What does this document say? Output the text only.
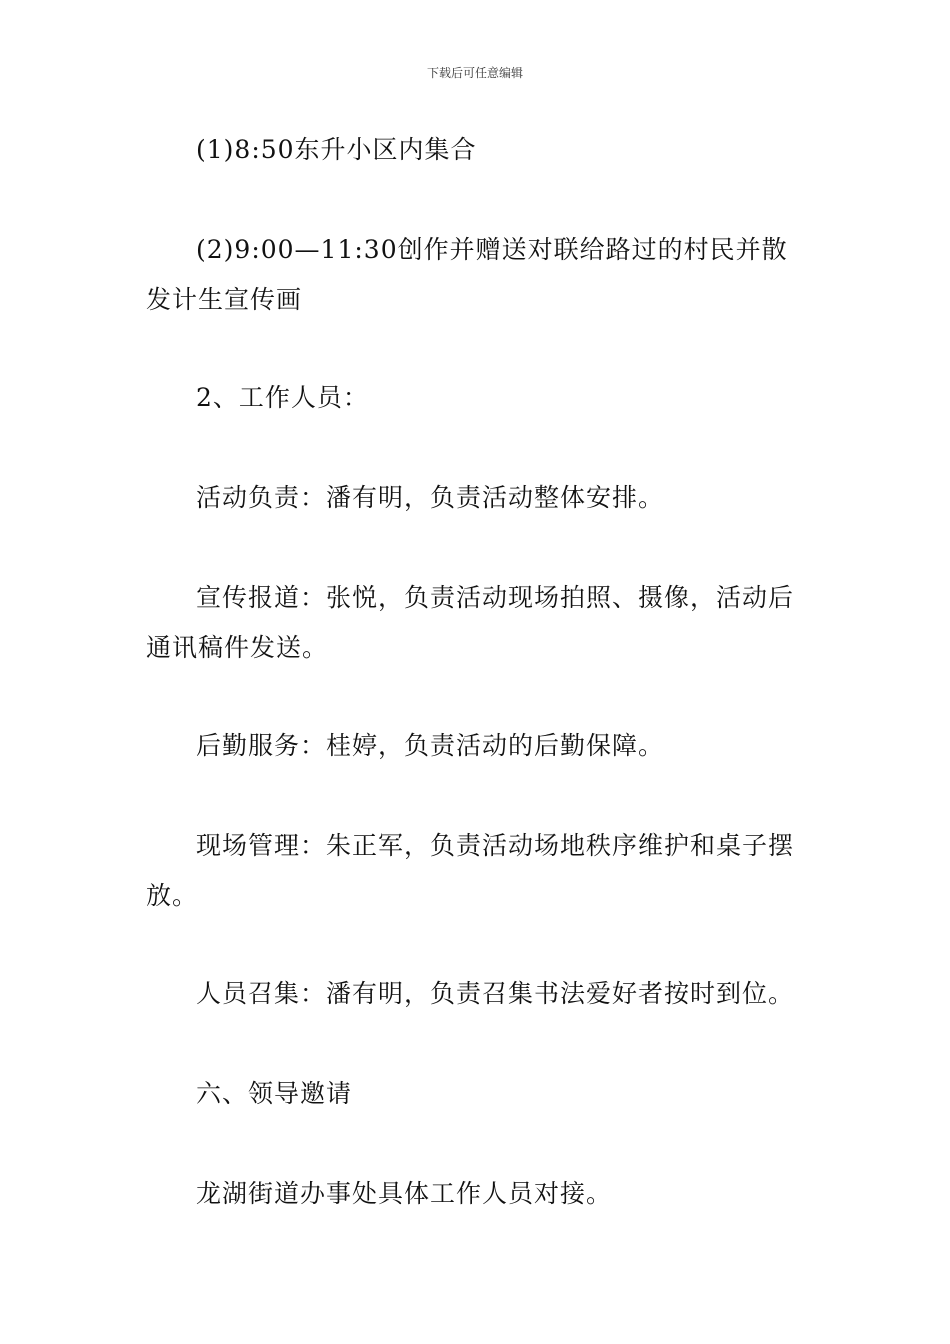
下载后可任意编辑

(1)8:50东升小区内集合

(2)9:00—11:30创作并赠送对联给路过的村民并散发计生宣传画

2、工作人员：

活动负责：潘有明，负责活动整体安排。

宣传报道：张悦，负责活动现场拍照、摄像，活动后通讯稿件发送。

后勤服务：桂婷，负责活动的后勤保障。

现场管理：朱正军，负责活动场地秩序维护和桌子摆放。

人员召集：潘有明，负责召集书法爱好者按时到位。

六、领导邀请

龙湖街道办事处具体工作人员对接。
